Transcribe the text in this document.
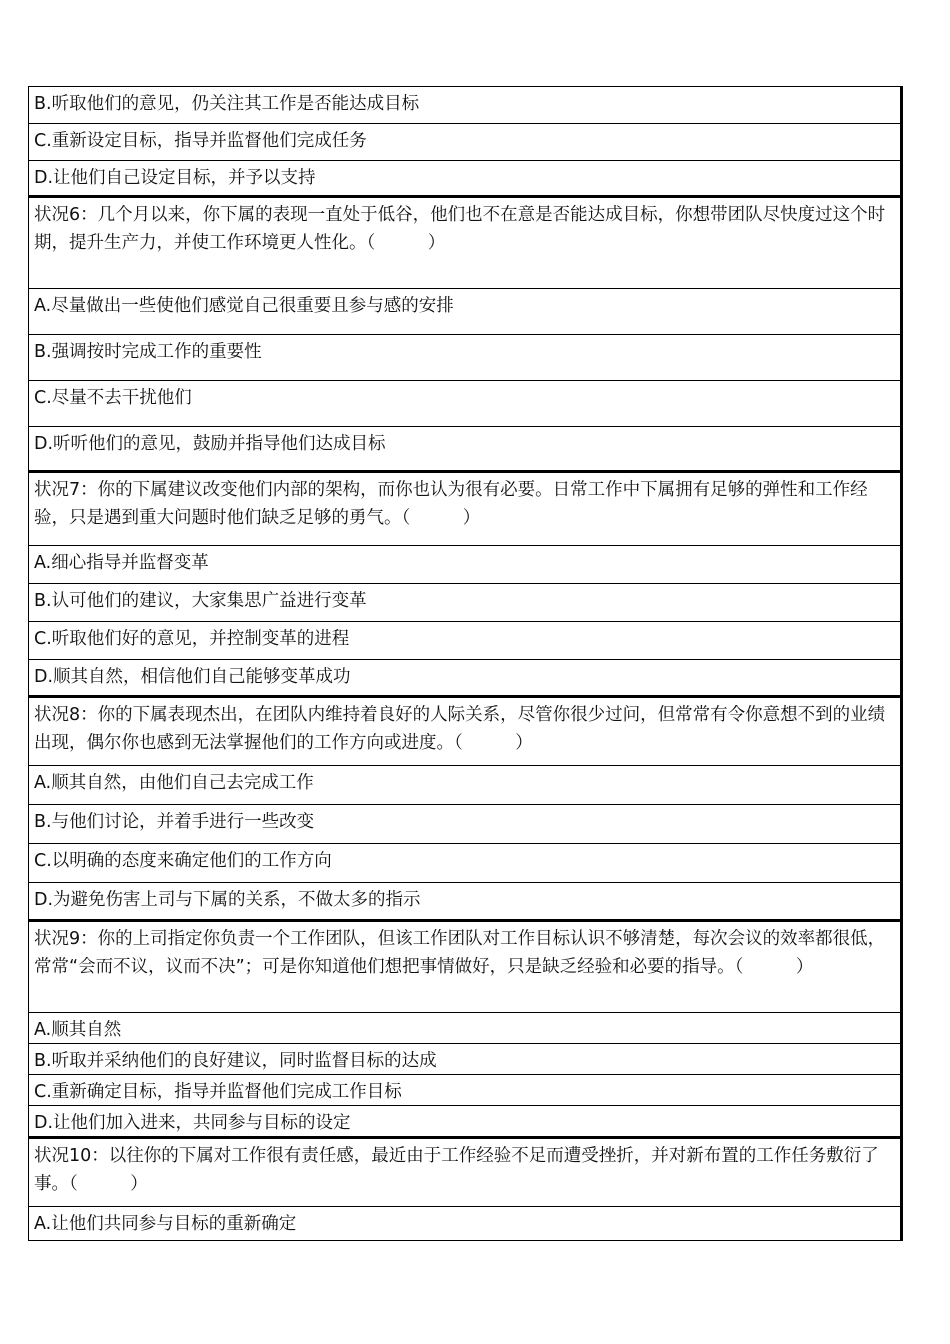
B.听取他们的意见，仍关注其工作是否能达成目标
C.重新设定目标，指导并监督他们完成任务
D.让他们自己设定目标，并予以支持
状况6：几个月以来，你下属的表现一直处于低谷，他们也不在意是否能达成目标，你想带团队尽快度过这个时期，提升生产力，并使工作环境更人性化。（　　　）
A.尽量做出一些使他们感觉自己很重要且参与感的安排
B.强调按时完成工作的重要性
C.尽量不去干扰他们
D.听听他们的意见，鼓励并指导他们达成目标
状况7：你的下属建议改变他们内部的架构，而你也认为很有必要。日常工作中下属拥有足够的弹性和工作经验，只是遇到重大问题时他们缺乏足够的勇气。（　　　）
A.细心指导并监督变革
B.认可他们的建议，大家集思广益进行变革
C.听取他们好的意见，并控制变革的进程
D.顺其自然，相信他们自己能够变革成功
状况8：你的下属表现杰出，在团队内维持着良好的人际关系，尽管你很少过问，但常常有令你意想不到的业绩出现，偶尔你也感到无法掌握他们的工作方向或进度。（　　　）
A.顺其自然，由他们自己去完成工作
B.与他们讨论，并着手进行一些改变
C.以明确的态度来确定他们的工作方向
D.为避免伤害上司与下属的关系，不做太多的指示
状况9：你的上司指定你负责一个工作团队，但该工作团队对工作目标认识不够清楚，每次会议的效率都很低，常常“会而不议，议而不决”；可是你知道他们想把事情做好，只是缺乏经验和必要的指导。（　　　）
A.顺其自然
B.听取并采纳他们的良好建议，同时监督目标的达成
C.重新确定目标，指导并监督他们完成工作目标
D.让他们加入进来，共同参与目标的设定
状况10：以往你的下属对工作很有责任感，最近由于工作经验不足而遭受挫折，并对新布置的工作任务敷衍了事。（　　　）
A.让他们共同参与目标的重新确定
